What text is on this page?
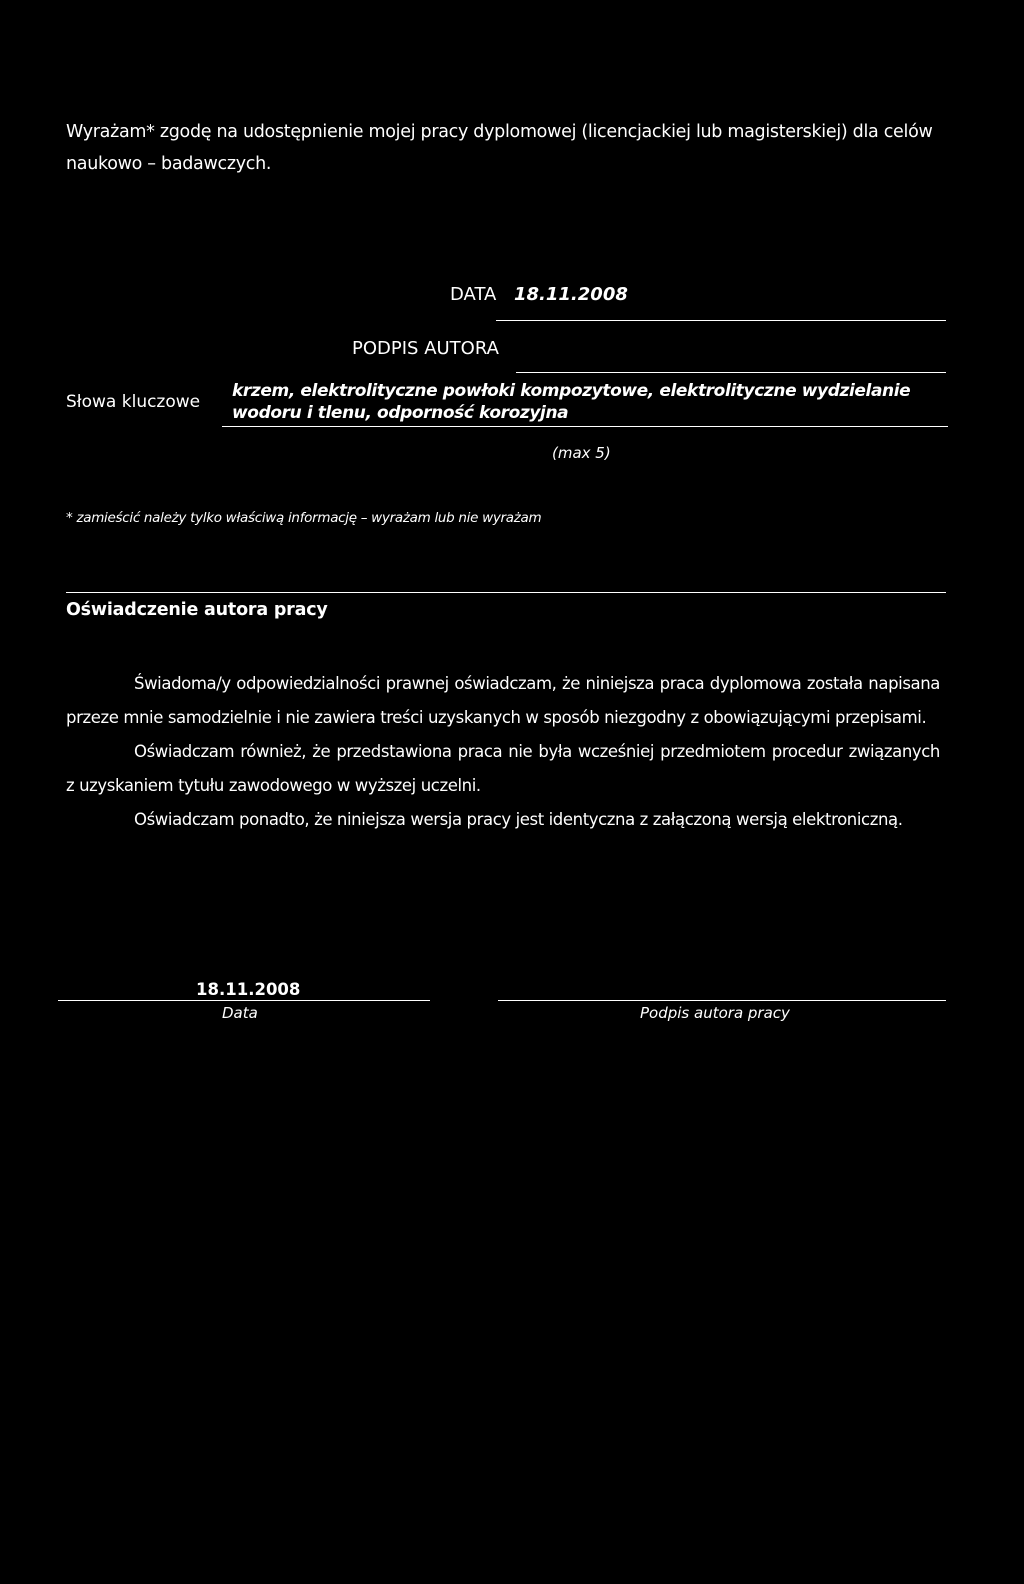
Wyrażam* zgodę na udostępnienie mojej pracy dyplomowej (licencjackiej lub magisterskiej) dla celów naukowo – badawczych.
DATA 18.11.2008
PODPIS AUTORA
Słowa kluczowe
krzem, elektrolityczne powłoki kompozytowe, elektrolityczne wydzielanie wodoru i tlenu, odporność korozyjna
(max 5)
* zamieścić należy tylko właściwą informację – wyrażam lub nie wyrażam
Oświadczenie autora pracy

Świadoma/y odpowiedzialności prawnej oświadczam, że niniejsza praca dyplomowa została napisana przeze mnie samodzielnie i nie zawiera treści uzyskanych w sposób niezgodny z obowiązującymi przepisami.

Oświadczam również, że przedstawiona praca nie była wcześniej przedmiotem procedur związanych z uzyskaniem tytułu zawodowego w wyższej uczelni.

Oświadczam ponadto, że niniejsza wersja pracy jest identyczna z załączoną wersją elektroniczną.

18.11.2008
Data	Podpis autora pracy
